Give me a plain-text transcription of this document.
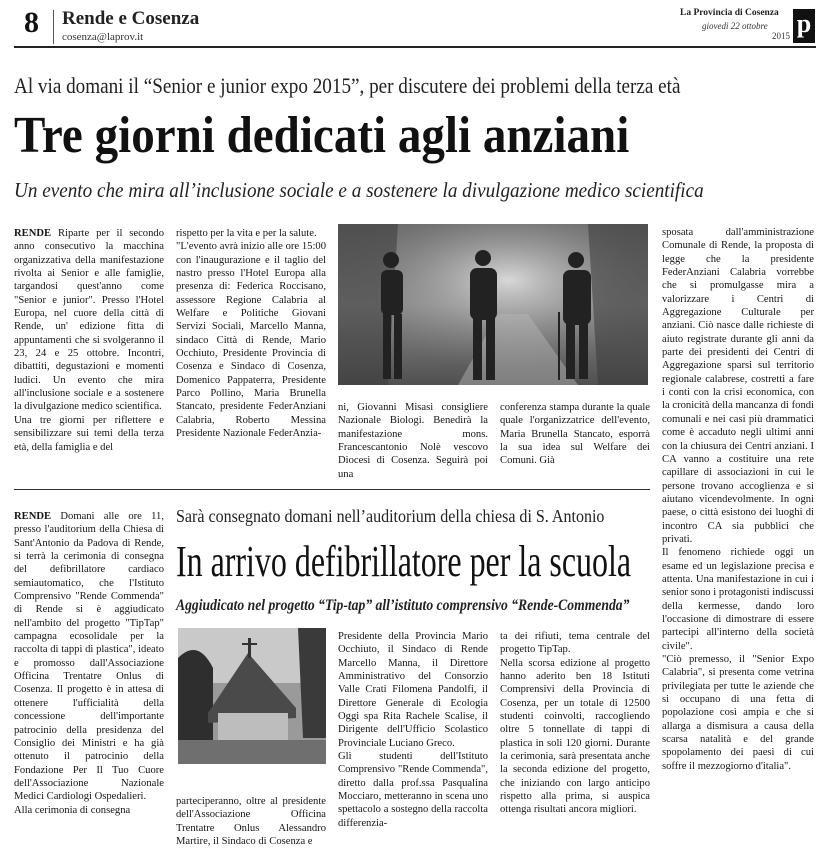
8 Rende e Cosenza
cosenza@laprov.it
La Provincia di Cosenza
giovedì 22 ottobre
2015 p
Al via domani il “Senior e junior expo 2015”, per discutere dei problemi della terza età
Tre giorni dedicati agli anziani
Un evento che mira all’inclusione sociale e a sostenere la divulgazione medico scientifica

RENDE Riparte per il secondo anno consecutivo la macchina organizzativa della manifestazione rivolta ai Senior e alle famiglie, targandosi quest'anno come "Senior e junior". Presso l'Hotel Europa, nel cuore della città di Rende, un' edizione fitta di appuntamenti che si svolgeranno il 23, 24 e 25 ottobre. Incontri, dibattiti, degustazioni e momenti ludici. Un evento che mira all'inclusione sociale e a sostenere la divulgazione medico scientifica.
Una tre giorni per riflettere e sensibilizzare sui temi della terza età, della famiglia e del

rispetto per la vita e per la salute.
"L'evento avrà inizio alle ore 15:00 con l'inaugurazione e il taglio del nastro presso l'Hotel Europa alla presenza di: Federica Roccisano, assessore Regione Calabria al Welfare e Politiche Giovani Servizi Sociali, Marcello Manna, sindaco Città di Rende, Mario Occhiuto, Presidente Provincia di Cosenza e Sindaco di Cosenza, Domenico Pappaterra, Presidente Parco Pollino, Maria Brunella Stancato, presidente FederAnziani Calabria, Roberto Messina Presidente Nazionale FederAnzia-
ni, Giovanni Misasi consigliere Nazionale Biologi. Benedirà la manifestazione mons. Francescantonio Nolè vescovo Diocesi di Cosenza. Seguirà poi una
conferenza stampa durante la quale quale l'organizzatrice dell'evento, Maria Brunella Stancato, esporrà la sua idea sul Welfare dei Comuni. Già
sposata dall'amministrazione Comunale di Rende, la proposta di legge che la presidente FederAnziani Calabria vorrebbe che si promulgasse mira a valorizzare i Centri di Aggregazione Culturale per anziani. Ciò nasce dalle richieste di aiuto registrate durante gli anni da parte dei presidenti dei Centri di Aggregazione sparsi sul territorio regionale calabrese, costretti a fare i conti con la crisi economica, con la cronicità della mancanza di fondi comunali e nei casi più drammatici come è accaduto negli ultimi anni con la chiusura dei Centri anziani. I CA vanno a costituire una rete capillare di associazioni in cui le persone trovano accoglienza e si aiutano vicendevolmente. In ogni paese, o città esistono dei luoghi di incontro CA sia pubblici che privati.
Il fenomeno richiede oggi un esame ed un legislazione precisa e attenta. Una manifestazione in cui i senior sono i protagonisti indiscussi della kermesse, dando loro l'occasione di dimostrare di essere partecipi all'interno della società civile".
"Ciò premesso, il "Senior Expo Calabria", si presenta come vetrina privilegiata per tutte le aziende che si occupano di una fetta di popolazione così ampia e che si allarga a dismisura a causa della scarsa natalità e del grande spopolamento dei paesi di cui soffre il mezzogiorno d'italia".
Sarà consegnato domani nell’auditorium della chiesa di S. Antonio
In arrivo defibrillatore per la scuola
Aggiudicato nel progetto “Tip-tap” all’istituto comprensivo “Rende-Commenda”

RENDE Domani alle ore 11, presso l'auditorium della Chiesa di Sant'Antonio da Padova di Rende, si terrà la cerimonia di consegna del defibrillatore cardiaco semiautomatico, che l'Istituto Comprensivo "Rende Commenda" di Rende si è aggiudicato nell'ambito del progetto "TipTap" campagna ecosolidale per la raccolta di tappi di plastica", ideato e promosso dall'Associazione Officina Trentatre Onlus di Cosenza. Il progetto è in attesa di ottenere l'ufficialità della concessione dell'importante patrocinio della presidenza del Consiglio dei Ministri e ha già ottenuto il patrocinio della Fondazione Per Il Tuo Cuore dell'Associazione Nazionale Medici Cardiologi Ospedalieri.
Alla cerimonia di consegna

parteciperanno, oltre al presidente dell'Associazione Officina Trentatre Onlus Alessandro Martire, il Sindaco di Cosenza e
Presidente della Provincia Mario Occhiuto, il Sindaco di Rende Marcello Manna, il Direttore Amministrativo del Consorzio Valle Crati Filomena Pandolfi, il Direttore Generale di Ecologia Oggi spa Rita Rachele Scalise, il Dirigente dell'Ufficio Scolastico Provinciale Luciano Greco.
Gli studenti dell'Istituto Comprensivo "Rende Commenda", diretto dalla prof.ssa Pasqualina Mocciaro, metteranno in scena uno spettacolo a sostegno della raccolta differenzia-
ta dei rifiuti, tema centrale del progetto TipTap.
Nella scorsa edizione al progetto hanno aderito ben 18 Istituti Comprensivi della Provincia di Cosenza, per un totale di 12500 studenti coinvolti, raccogliendo oltre 5 tonnellate di tappi di plastica in soli 120 giorni. Durante la cerimonia, sarà presentata anche la seconda edizione del progetto, che iniziando con largo anticipo rispetto alla prima, si auspica ottenga risultati ancora migliori.
